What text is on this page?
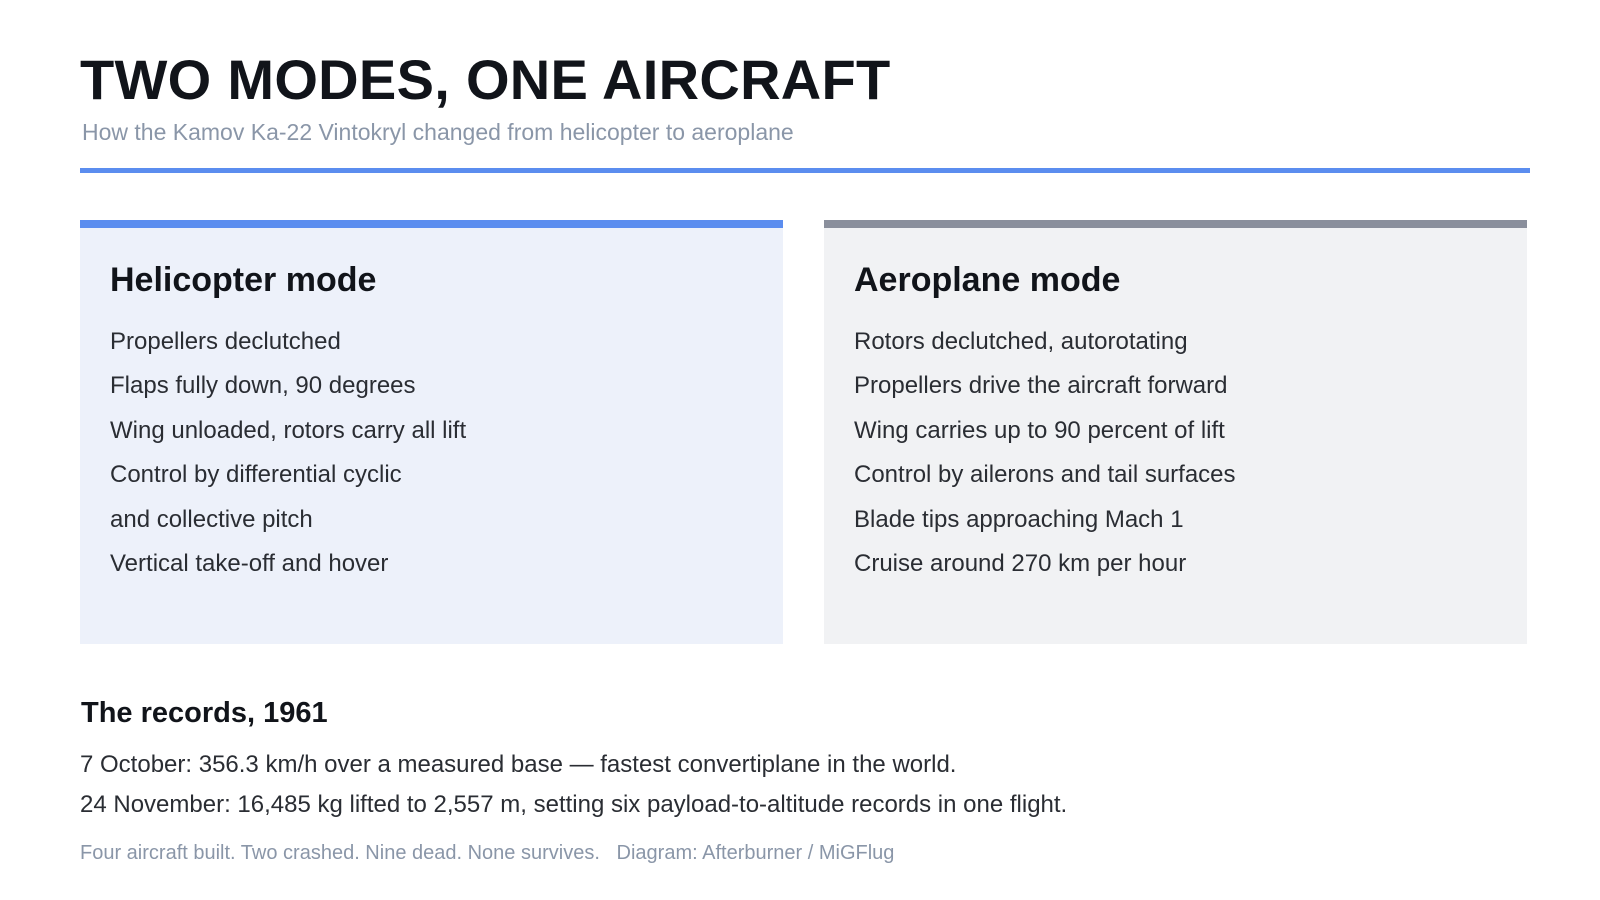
TWO MODES, ONE AIRCRAFT

How the Kamov Ka-22 Vintokryl changed from helicopter to aeroplane

Helicopter mode
Propellers declutched
Flaps fully down, 90 degrees
Wing unloaded, rotors carry all lift
Control by differential cyclic
and collective pitch
Vertical take-off and hover
Aeroplane mode
Rotors declutched, autorotating
Propellers drive the aircraft forward
Wing carries up to 90 percent of lift
Control by ailerons and tail surfaces
Blade tips approaching Mach 1
Cruise around 270 km per hour
The records, 1961

7 October: 356.3 km/h over a measured base — fastest convertiplane in the world.

24 November: 16,485 kg lifted to 2,557 m, setting six payload-to-altitude records in one flight.

Four aircraft built. Two crashed. Nine dead. None survives. Diagram: Afterburner / MiGFlug
